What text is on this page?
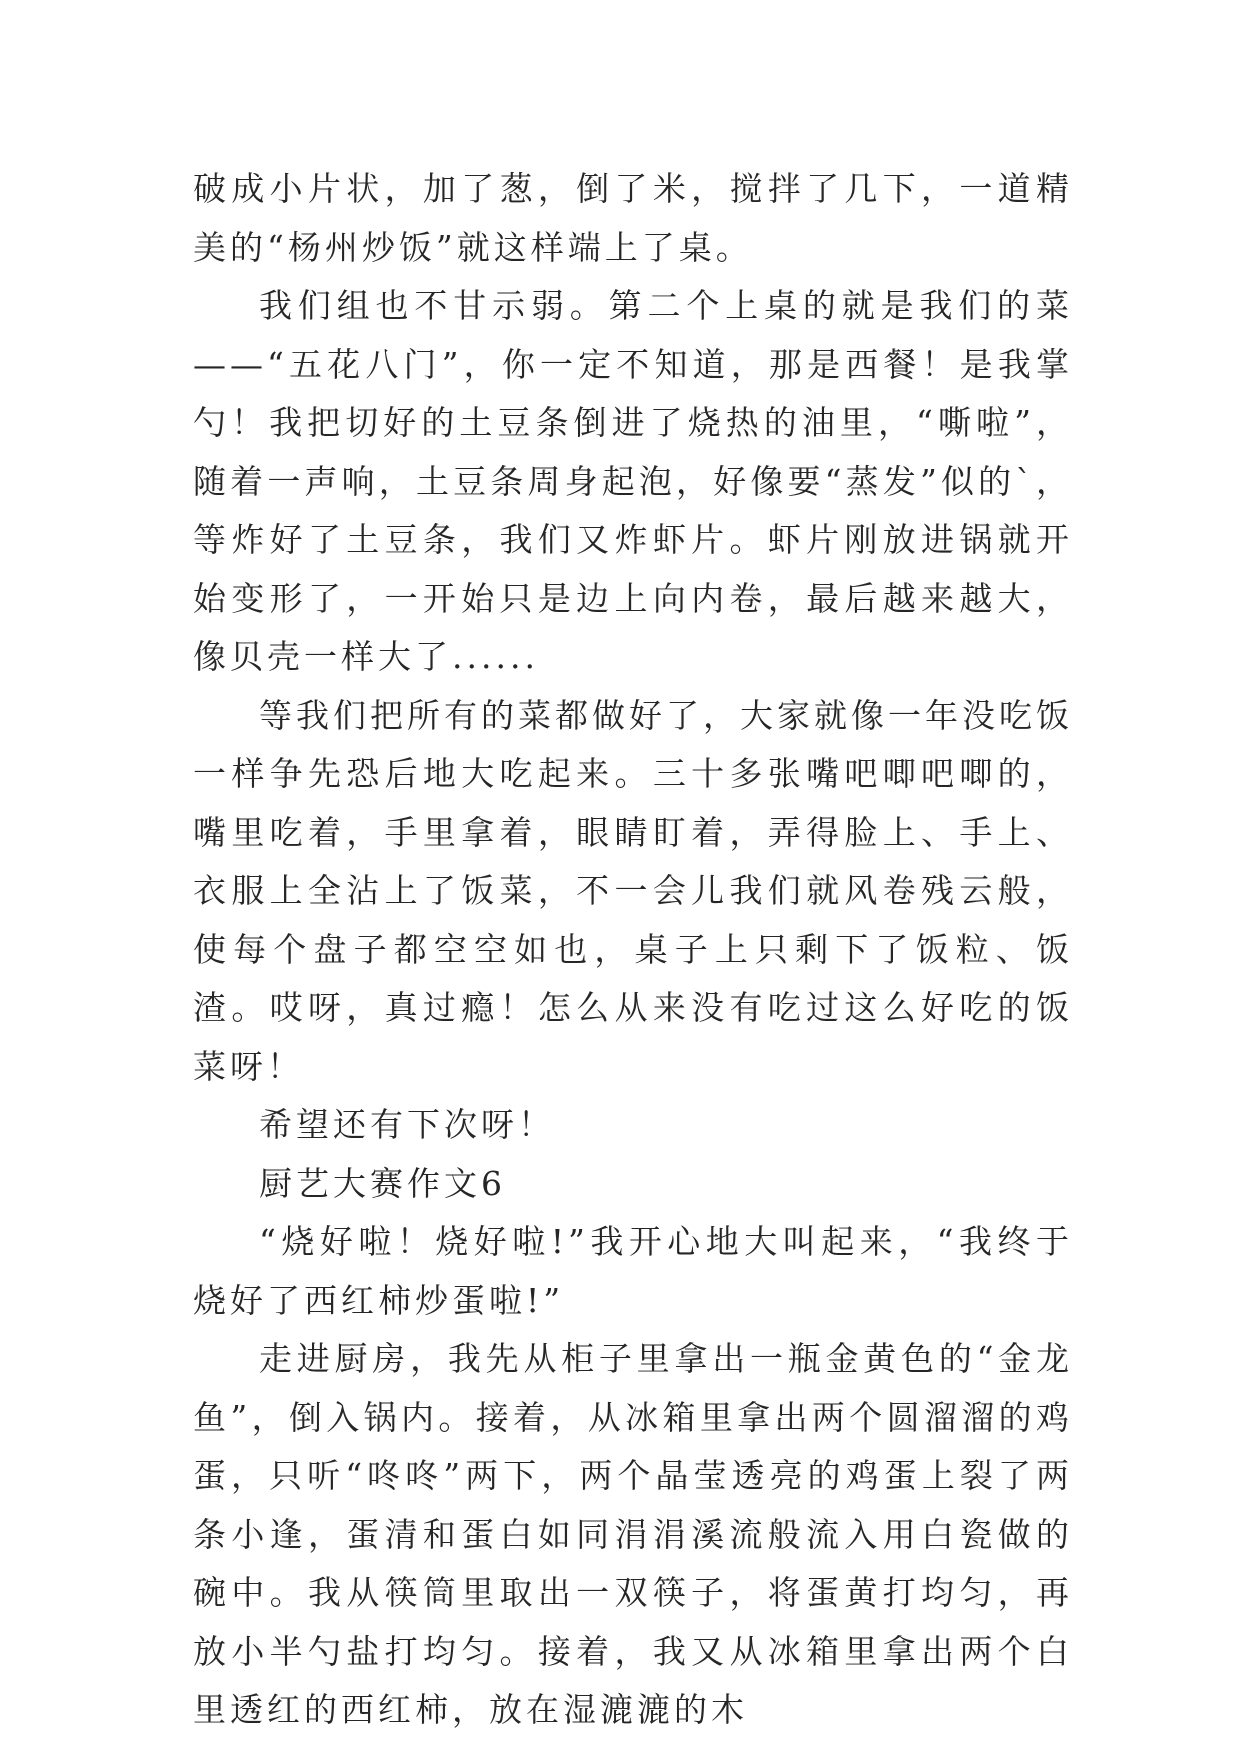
破成小片状，加了葱，倒了米，搅拌了几下，一道精美的“杨州炒饭”就这样端上了桌。

我们组也不甘示弱。第二个上桌的就是我们的菜——“五花八门”，你一定不知道，那是西餐！是我掌勺！我把切好的土豆条倒进了烧热的油里，“嘶啦”，随着一声响，土豆条周身起泡，好像要“蒸发”似的`，等炸好了土豆条，我们又炸虾片。虾片刚放进锅就开始变形了，一开始只是边上向内卷，最后越来越大，像贝壳一样大了......

等我们把所有的菜都做好了，大家就像一年没吃饭一样争先恐后地大吃起来。三十多张嘴吧唧吧唧的，嘴里吃着，手里拿着，眼睛盯着，弄得脸上、手上、衣服上全沾上了饭菜，不一会儿我们就风卷残云般，使每个盘子都空空如也，桌子上只剩下了饭粒、饭渣。哎呀，真过瘾！怎么从来没有吃过这么好吃的饭菜呀！

希望还有下次呀！

厨艺大赛作文6

“烧好啦！烧好啦!”我开心地大叫起来，“我终于烧好了西红柿炒蛋啦!”

走进厨房，我先从柜子里拿出一瓶金黄色的“金龙鱼”，倒入锅内。接着，从冰箱里拿出两个圆溜溜的鸡蛋，只听“咚咚”两下，两个晶莹透亮的鸡蛋上裂了两条小逢，蛋清和蛋白如同涓涓溪流般流入用白瓷做的碗中。我从筷筒里取出一双筷子，将蛋黄打均匀，再放小半勺盐打均匀。接着，我又从冰箱里拿出两个白里透红的西红柿，放在湿漉漉的木
